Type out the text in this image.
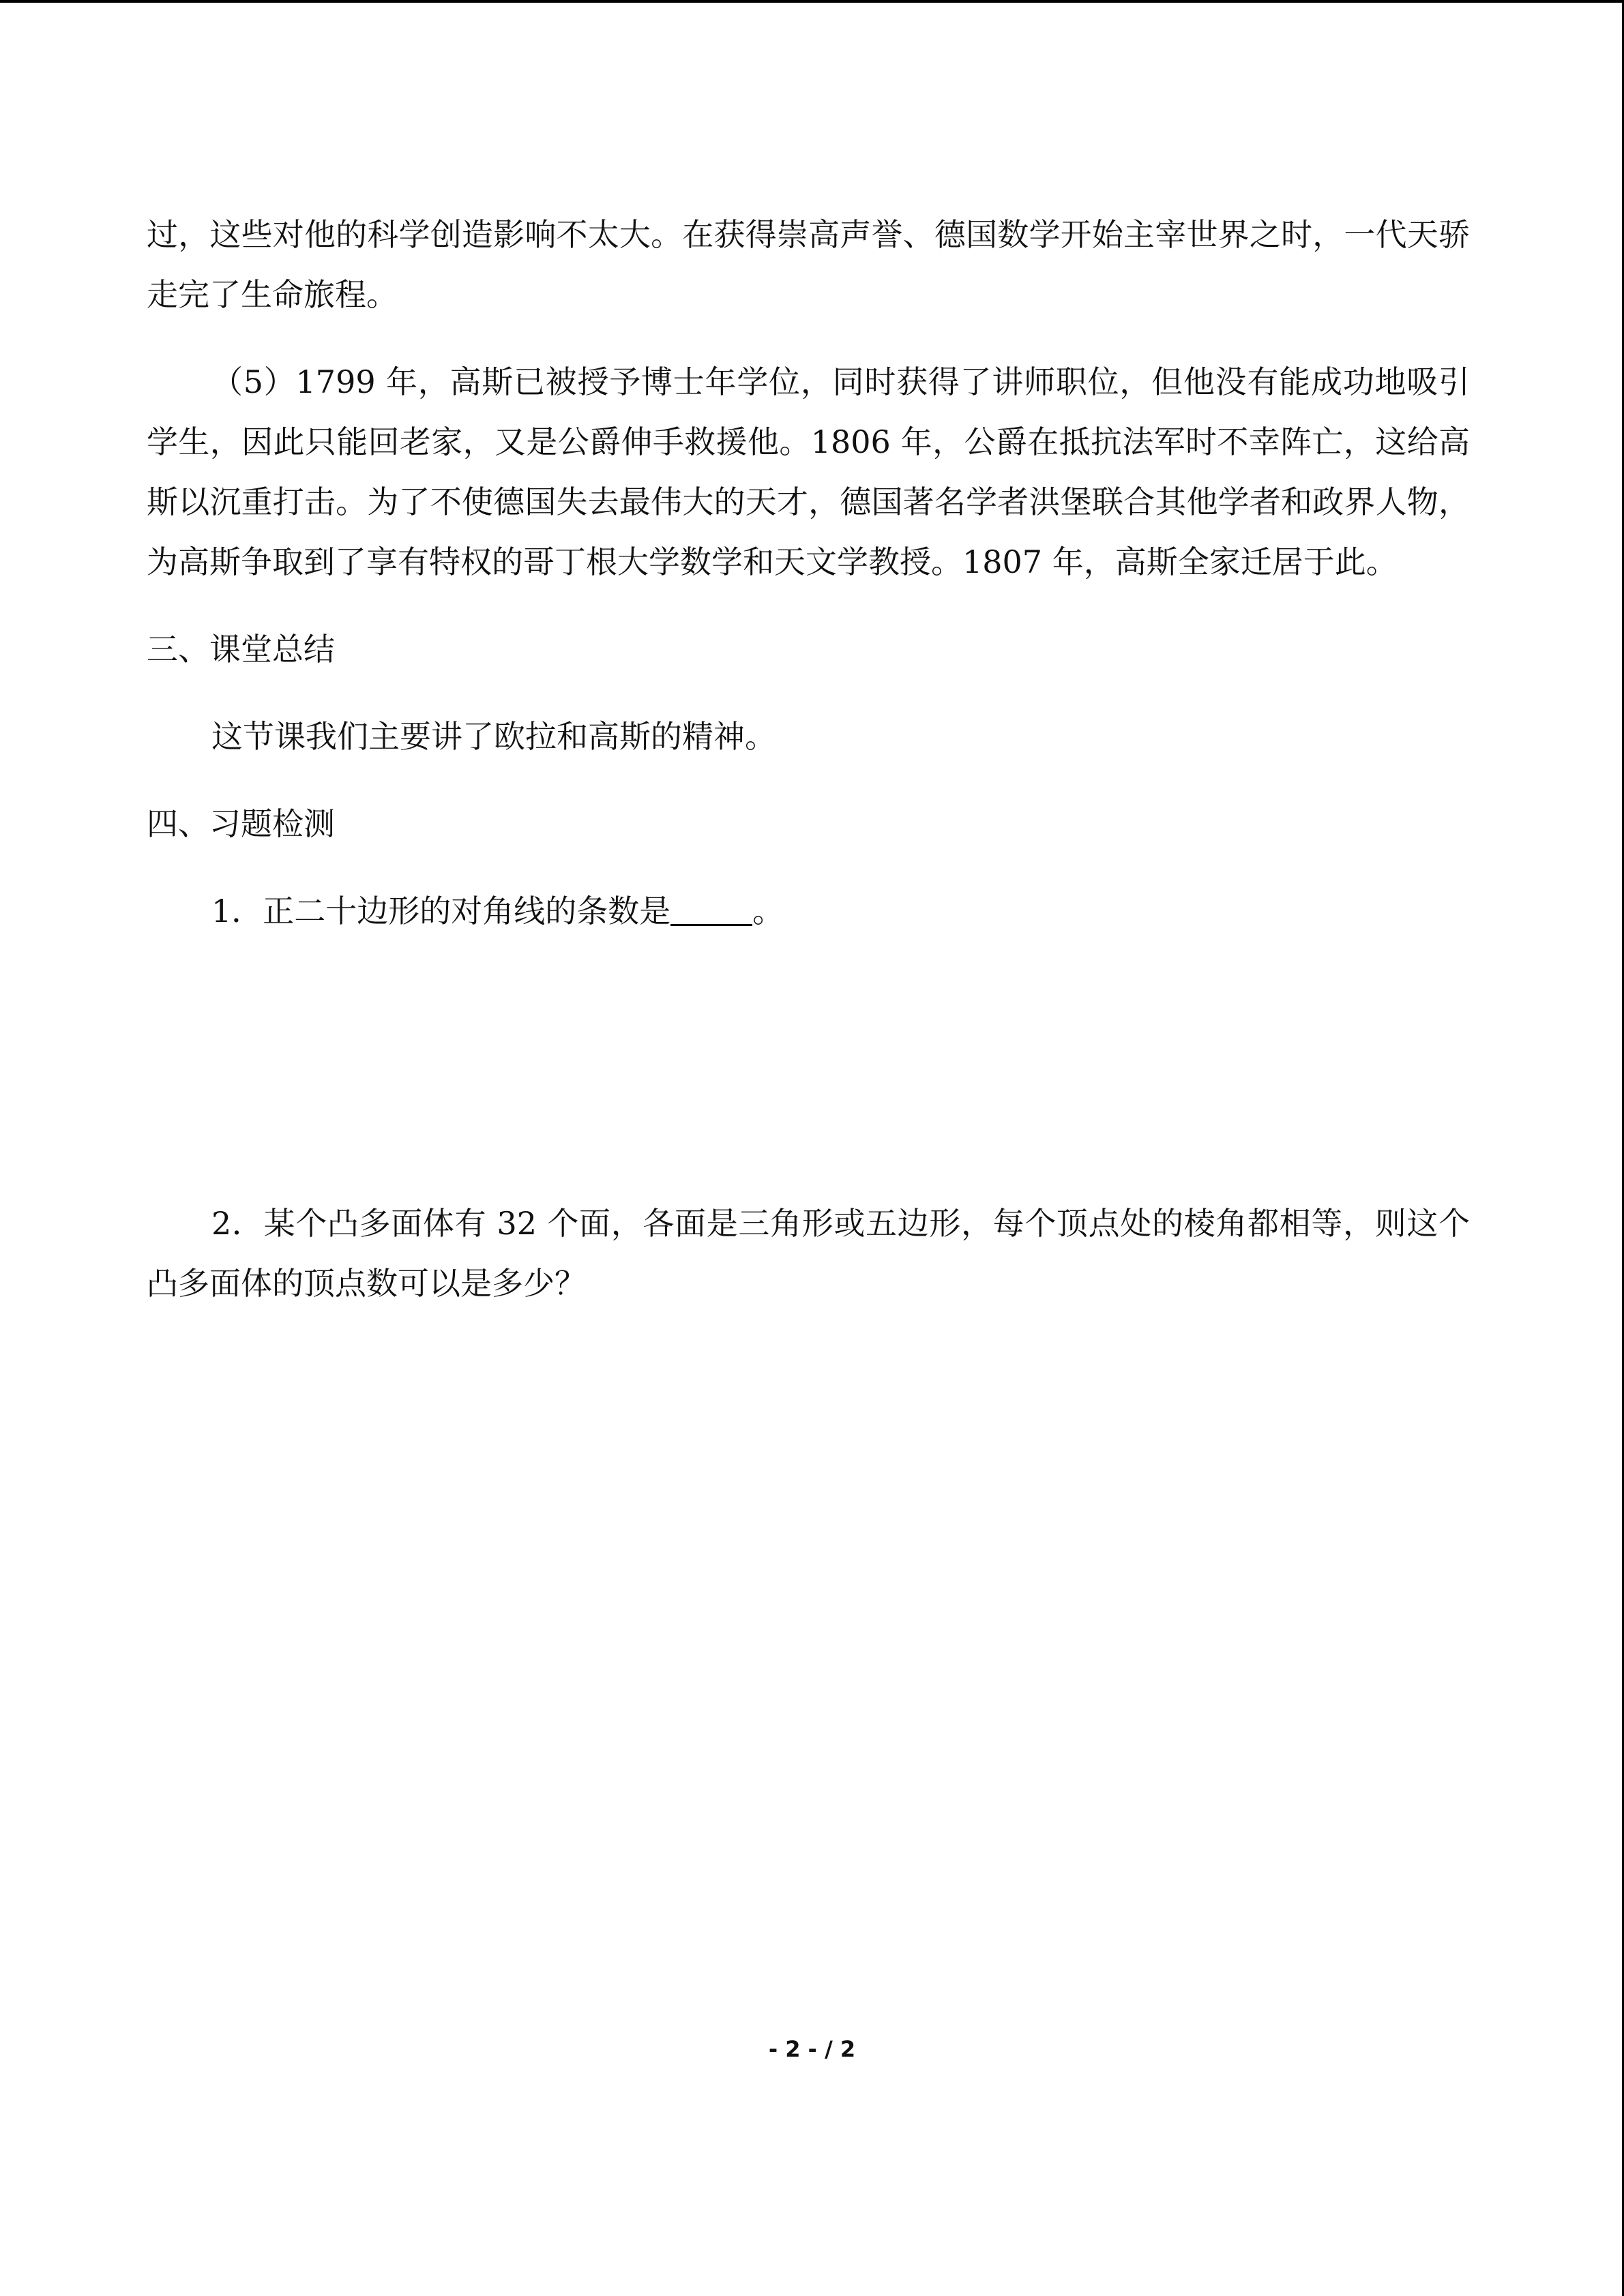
过，这些对他的科学创造影响不太大。在获得崇高声誉、德国数学开始主宰世界之时，一代天骄走完了生命旅程。

（5）1799 年，高斯已被授予博士年学位，同时获得了讲师职位，但他没有能成功地吸引学生，因此只能回老家，又是公爵伸手救援他。1806 年，公爵在抵抗法军时不幸阵亡，这给高斯以沉重打击。为了不使德国失去最伟大的天才，德国著名学者洪堡联合其他学者和政界人物，为高斯争取到了享有特权的哥丁根大学数学和天文学教授。1807 年，高斯全家迁居于此。

三、课堂总结

这节课我们主要讲了欧拉和高斯的精神。

四、习题检测

1．正二十边形的对角线的条数是	。

2．某个凸多面体有 32 个面，各面是三角形或五边形，每个顶点处的棱角都相等，则这个凸多面体的顶点数可以是多少？

- 2 - / 2
